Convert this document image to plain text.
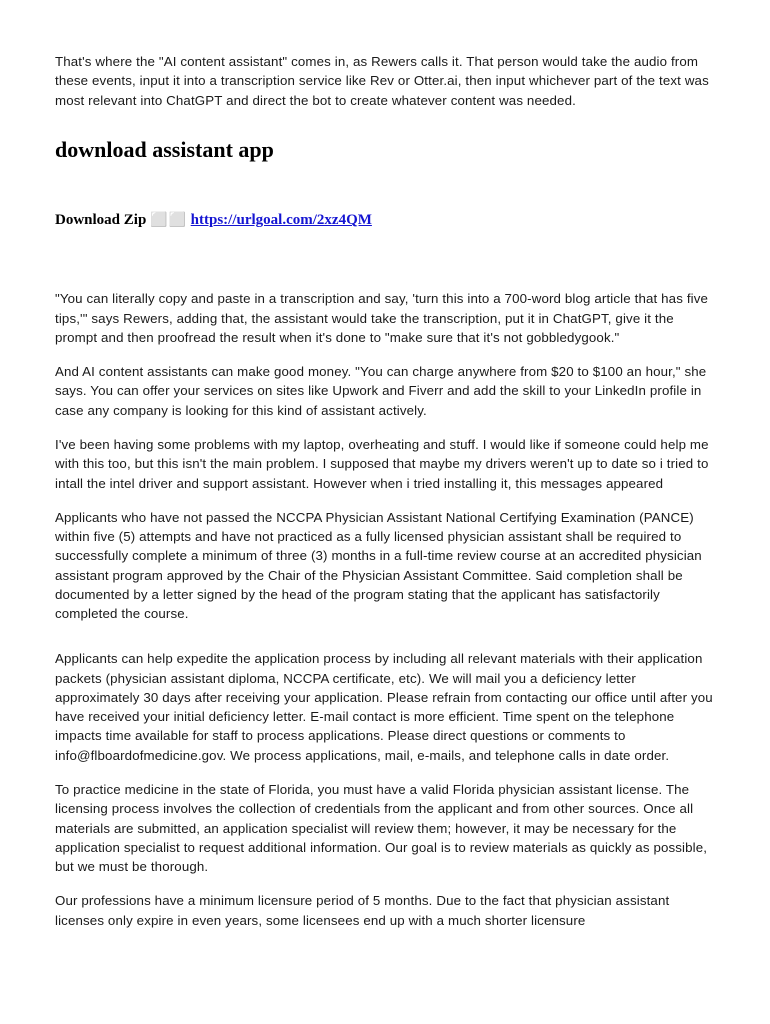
That's where the "AI content assistant" comes in, as Rewers calls it. That person would take the audio from these events, input it into a transcription service like Rev or Otter.ai, then input whichever part of the text was most relevant into ChatGPT and direct the bot to create whatever content was needed.

download assistant app
Download Zip ⬜⬜ https://urlgoal.com/2xz4QM

"You can literally copy and paste in a transcription and say, 'turn this into a 700-word blog article that has five tips,'" says Rewers, adding that, the assistant would take the transcription, put it in ChatGPT, give it the prompt and then proofread the result when it's done to "make sure that it's not gobbledygook."

And AI content assistants can make good money. "You can charge anywhere from $20 to $100 an hour," she says. You can offer your services on sites like Upwork and Fiverr and add the skill to your LinkedIn profile in case any company is looking for this kind of assistant actively.

I've been having some problems with my laptop, overheating and stuff. I would like if someone could help me with this too, but this isn't the main problem. I supposed that maybe my drivers weren't up to date so i tried to intall the intel driver and support assistant. However when i tried installing it, this messages appeared

Applicants who have not passed the NCCPA Physician Assistant National Certifying Examination (PANCE) within five (5) attempts and have not practiced as a fully licensed physician assistant shall be required to successfully complete a minimum of three (3) months in a full-time review course at an accredited physician assistant program approved by the Chair of the Physician Assistant Committee. Said completion shall be documented by a letter signed by the head of the program stating that the applicant has satisfactorily completed the course.

Applicants can help expedite the application process by including all relevant materials with their application packets (physician assistant diploma, NCCPA certificate, etc). We will mail you a deficiency letter approximately 30 days after receiving your application. Please refrain from contacting our office until after you have received your initial deficiency letter. E-mail contact is more efficient. Time spent on the telephone impacts time available for staff to process applications. Please direct questions or comments to info@flboardofmedicine.gov. We process applications, mail, e-mails, and telephone calls in date order.

To practice medicine in the state of Florida, you must have a valid Florida physician assistant license. The licensing process involves the collection of credentials from the applicant and from other sources. Once all materials are submitted, an application specialist will review them; however, it may be necessary for the application specialist to request additional information. Our goal is to review materials as quickly as possible, but we must be thorough.

Our professions have a minimum licensure period of 5 months. Due to the fact that physician assistant licenses only expire in even years, some licensees end up with a much shorter licensure
